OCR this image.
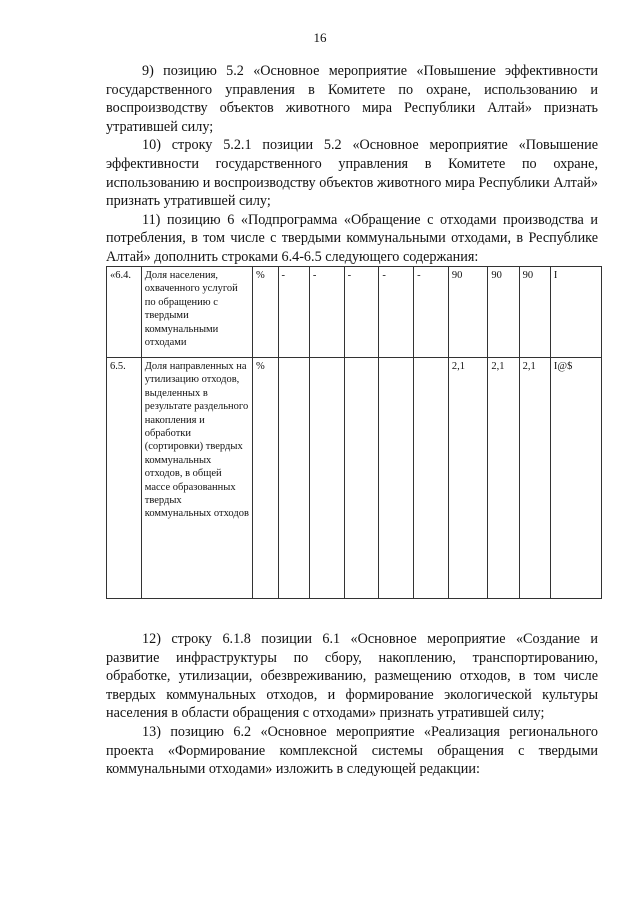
16

9) позицию 5.2 «Основное мероприятие «Повышение эффективности государственного управления в Комитете по охране, использованию и воспроизводству объектов животного мира Республики Алтай» признать утратившей силу;

10) строку 5.2.1 позиции 5.2 «Основное мероприятие «Повышение эффективности государственного управления в Комитете по охране, использованию и воспроизводству объектов животного мира Республики Алтай» признать утратившей силу;

11) позицию 6 «Подпрограмма «Обращение с отходами производства и потребления, в том числе с твердыми коммунальными отходами, в Республике Алтай» дополнить строками 6.4-6.5 следующего содержания:

«6.4.	Доля населения, охваченного услугой по обращению с твердыми коммунальными отходами	%	-	-	-	-	-	90	90	90	I
6.5.	Доля направленных на утилизацию отходов, выделенных в результате раздельного накопления и обработки (сортировки) твердых коммунальных отходов, в общей массе образованных твердых коммунальных отходов	%						2,1	2,1	2,1	I@$

12) строку 6.1.8 позиции 6.1 «Основное мероприятие «Создание и развитие инфраструктуры по сбору, накоплению, транспортированию, обработке, утилизации, обезвреживанию, размещению отходов, в том числе твердых коммунальных отходов, и формирование экологической культуры населения в области обращения с отходами» признать утратившей силу;

13) позицию 6.2 «Основное мероприятие «Реализация регионального проекта «Формирование комплексной системы обращения с твердыми коммунальными отходами» изложить в следующей редакции:
